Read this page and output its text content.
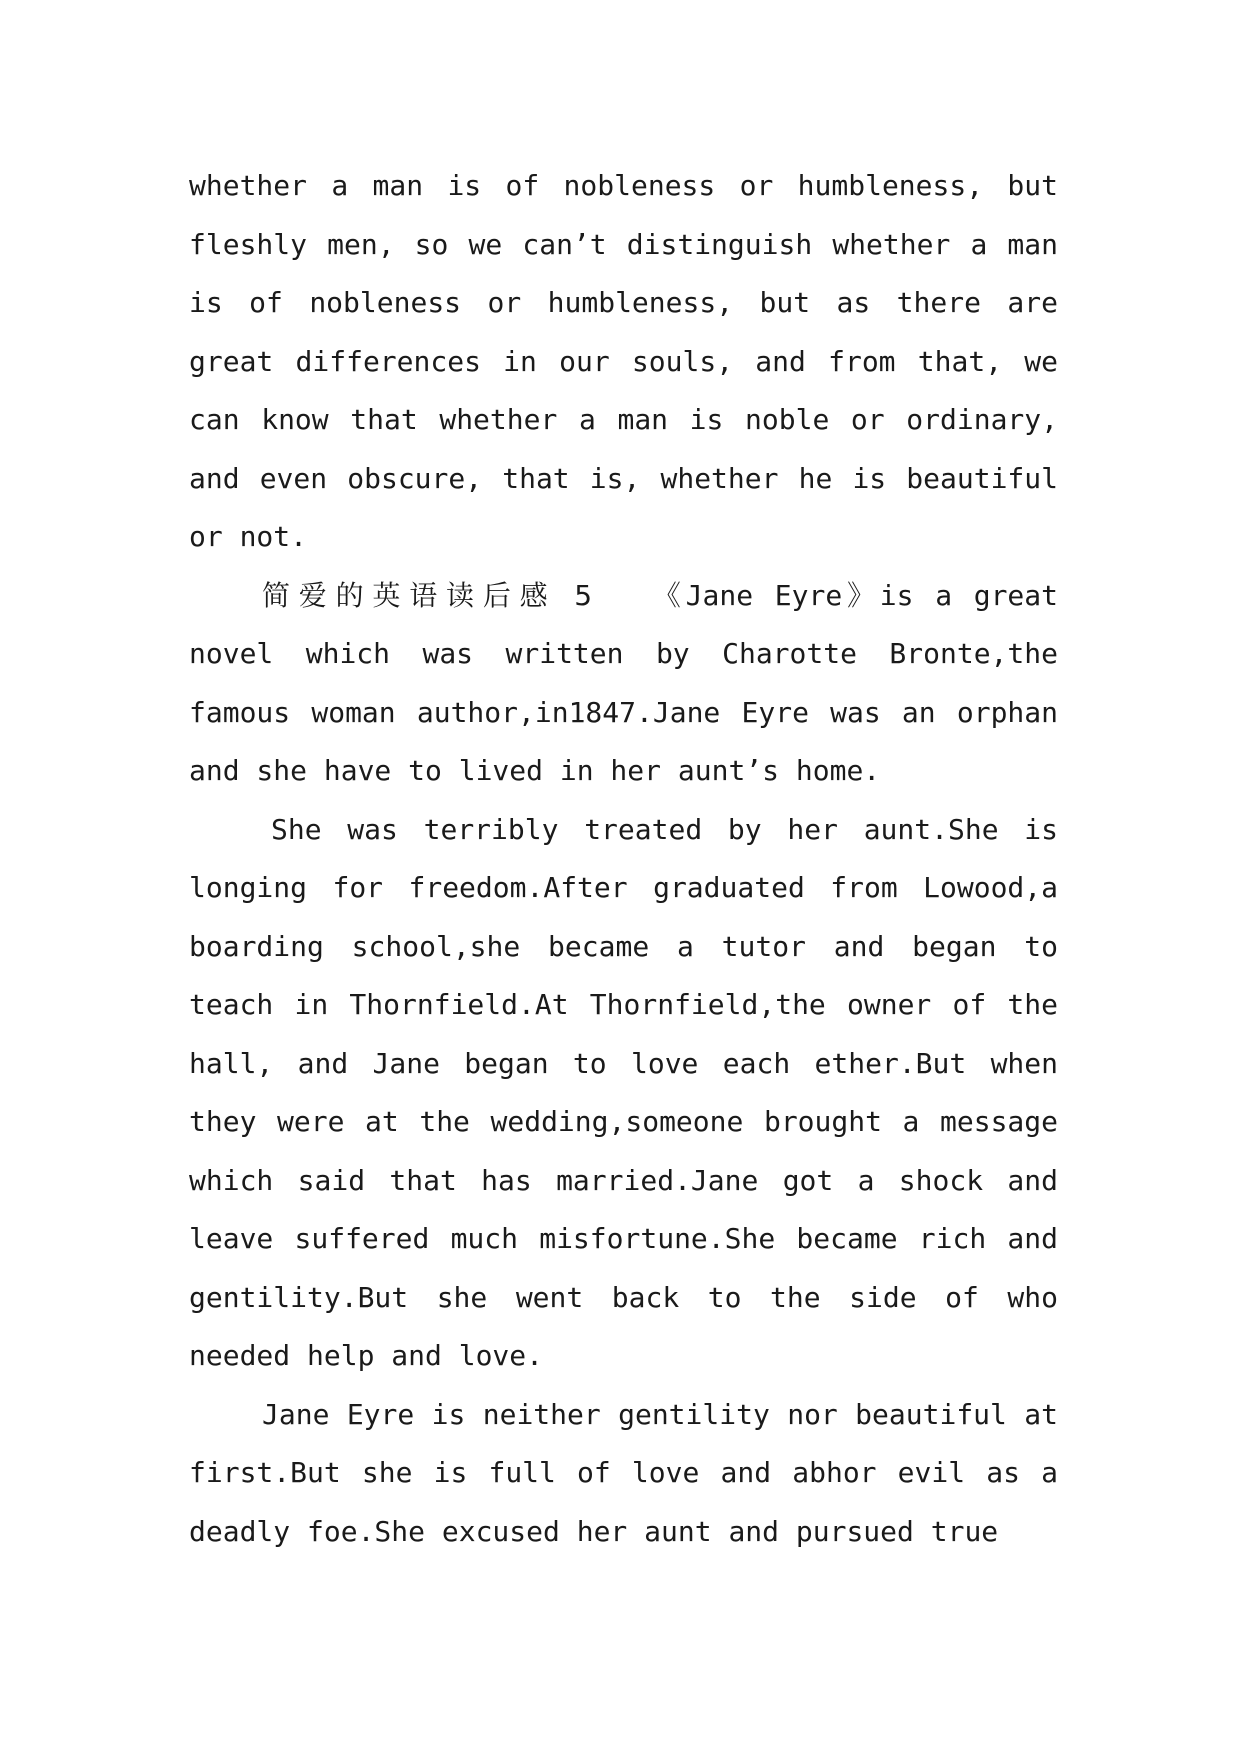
whether a man is of nobleness or humbleness, but fleshly men, so we can’t distinguish whether a man is of nobleness or humbleness, but as there are great differences in our souls, and from that, we can know that whether a man is noble or ordinary, and even obscure, that is, whether he is beautiful or not.

简爱的英语读后感 5 《Jane Eyre》is a great novel which was written by Charotte Bronte,the famous woman author,in1847.Jane Eyre was an orphan and she have to lived in her aunt’s home.

She was terribly treated by her aunt.She is longing for freedom.After graduated from Lowood,a boarding school,she became a tutor and began to teach in Thornfield.At Thornfield,the owner of the hall, and Jane began to love each ether.But when they were at the wedding,someone brought a message which said that has married.Jane got a shock and leave suffered much misfortune.She became rich and gentility.But she went back to the side of who needed help and love.

Jane Eyre is neither gentility nor beautiful at first.But she is full of love and abhor evil as a deadly foe.She excused her aunt and pursued true
